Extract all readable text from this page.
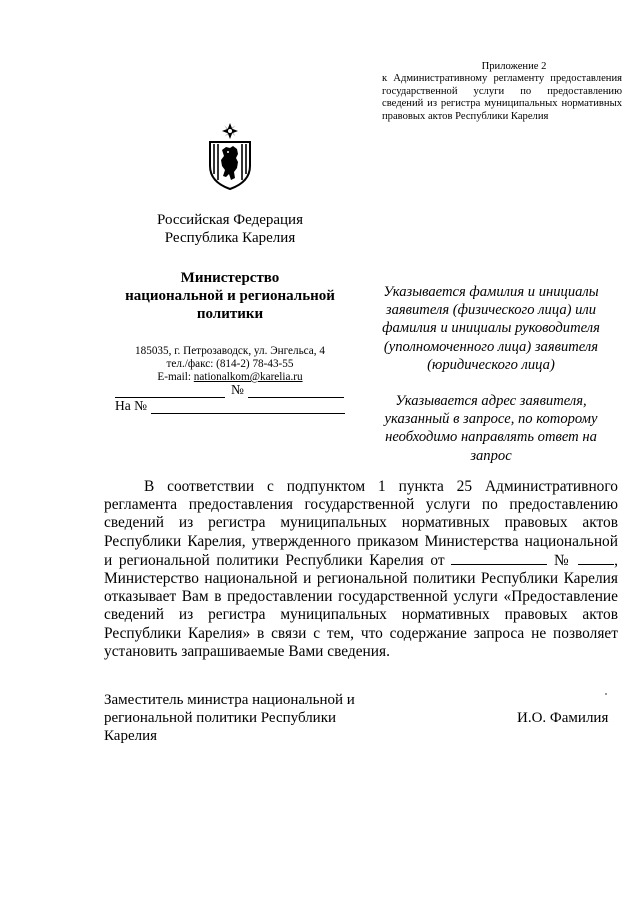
Приложение 2
к Административному регламенту предоставления государственной услуги по предоставлению сведений из регистра муниципальных нормативных правовых актов Республики Карелия
Российская Федерация
Республика Карелия
Министерство
национальной и региональной
политики
185035, г. Петрозаводск, ул. Энгельса, 4
тел./факс: (814-2) 78-43-55
E-mail: nationalkom@karelia.ru
№
На №
Указывается фамилия и инициалы заявителя (физического лица) или фамилия и инициалы руководителя (уполномоченного лица) заявителя (юридического лица)
Указывается адрес заявителя, указанный в запросе, по которому необходимо направлять ответ на запрос

В соответствии с подпунктом 1 пункта 25 Административного регламента предоставления государственной услуги по предоставлению сведений из регистра муниципальных нормативных правовых актов Республики Карелия, утвержденного приказом Министерства национальной и региональной политики Республики Карелия от	№	, Министерство национальной и региональной политики Республики Карелия отказывает Вам в предоставлении государственной услуги «Предоставление сведений из регистра муниципальных нормативных правовых актов Республики Карелия» в связи с тем, что содержание запроса не позволяет установить запрашиваемые Вами сведения.

Заместитель министра национальной и региональной политики Республики Карелия
И.О. Фамилия
